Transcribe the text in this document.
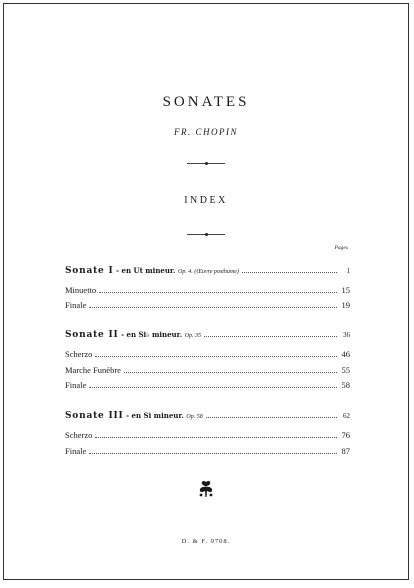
SONATES
FR. CHOPIN
INDEX
Pages
Sonate I - en Ut mineur. Op. 4. (Œuvre posthume)	1
Minuetto	15
Finale	19
Sonate II - en Si♭ mineur. Op. 35	36
Scherzo	46
Marche Funèbre	55
Finale	58
Sonate III - en Si mineur. Op. 58	62
Scherzo	76
Finale	87
D. & F. 9708.
